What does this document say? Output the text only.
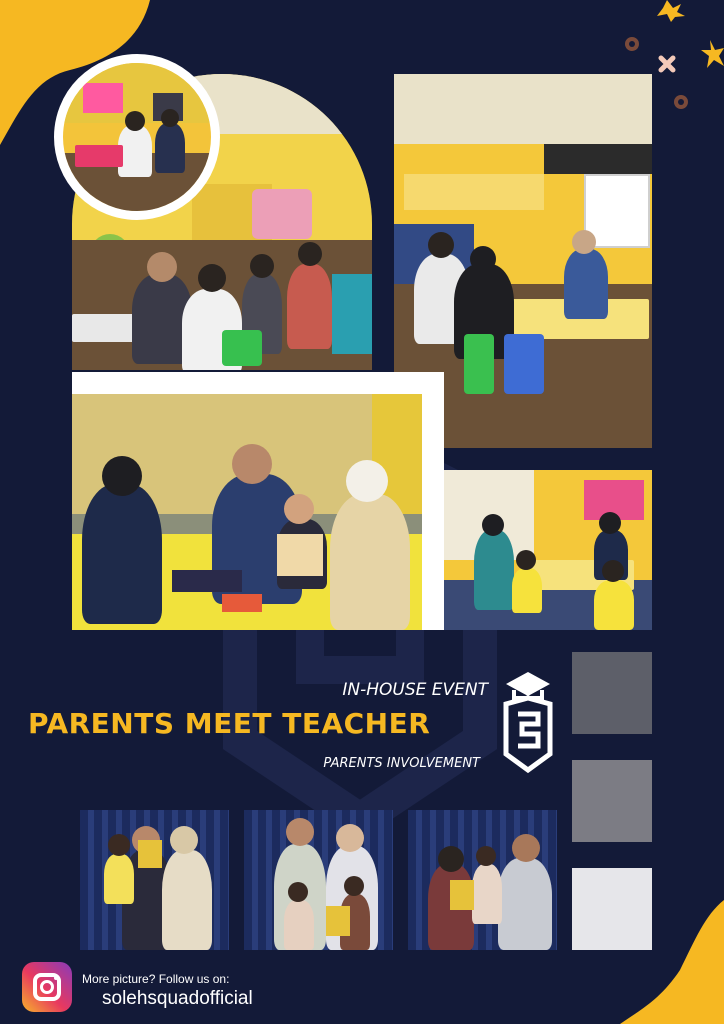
IN-HOUSE EVENT
PARENTS MEET TEACHER
PARENTS INVOLVEMENT
More picture? Follow us on:
solehsquadofficial
